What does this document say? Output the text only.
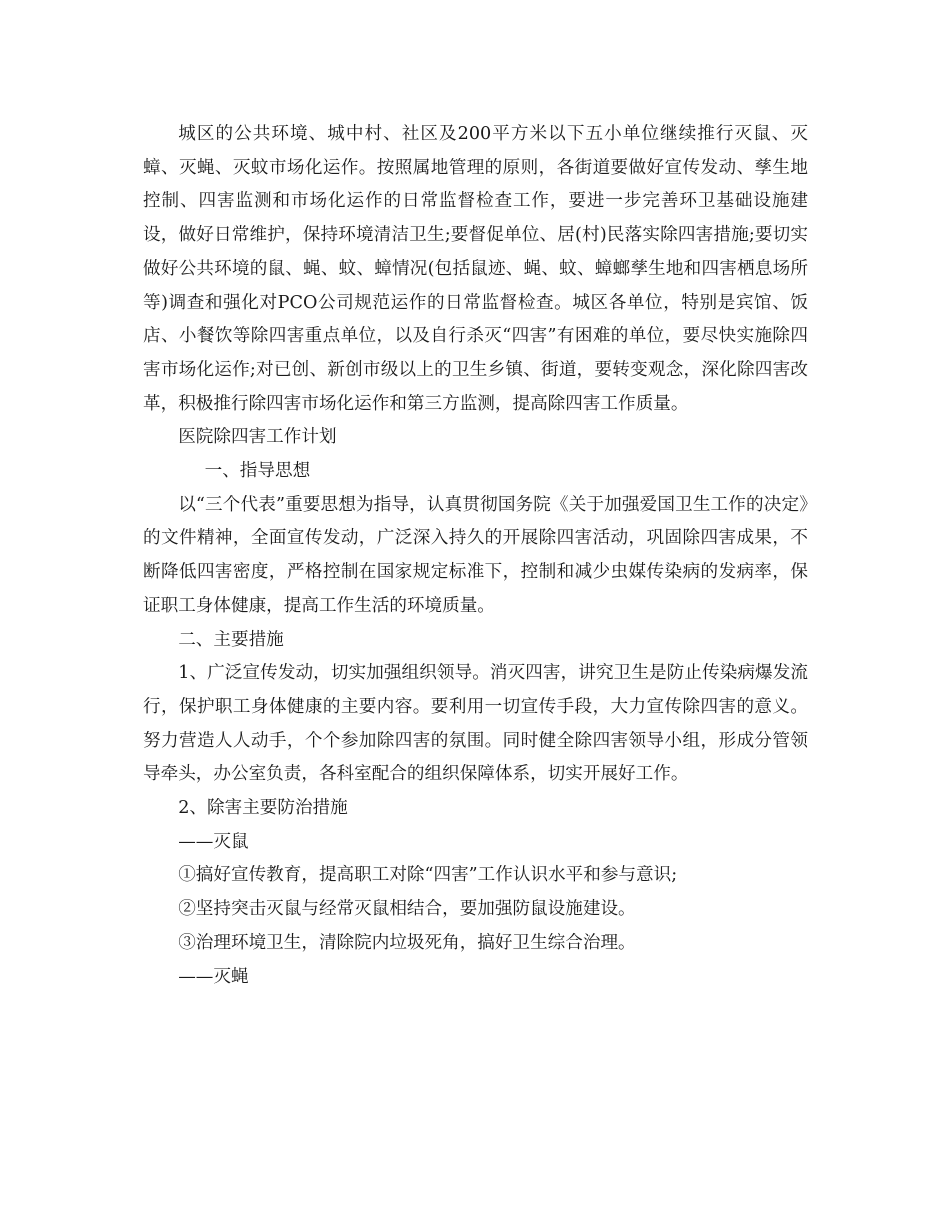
城区的公共环境、城中村、社区及200平方米以下五小单位继续推行灭鼠、灭蟑、灭蝇、灭蚊市场化运作。按照属地管理的原则，各街道要做好宣传发动、孳生地控制、四害监测和市场化运作的日常监督检查工作，要进一步完善环卫基础设施建设，做好日常维护，保持环境清洁卫生;要督促单位、居(村)民落实除四害措施;要切实做好公共环境的鼠、蝇、蚊、蟑情况(包括鼠迹、蝇、蚊、蟑螂孳生地和四害栖息场所等)调查和强化对PCO公司规范运作的日常监督检查。城区各单位，特别是宾馆、饭店、小餐饮等除四害重点单位，以及自行杀灭“四害”有困难的单位，要尽快实施除四害市场化运作;对已创、新创市级以上的卫生乡镇、街道，要转变观念，深化除四害改革，积极推行除四害市场化运作和第三方监测，提高除四害工作质量。

医院除四害工作计划

一、指导思想

以“三个代表”重要思想为指导，认真贯彻国务院《关于加强爱国卫生工作的决定》的文件精神，全面宣传发动，广泛深入持久的开展除四害活动，巩固除四害成果，不断降低四害密度，严格控制在国家规定标准下，控制和减少虫媒传染病的发病率，保证职工身体健康，提高工作生活的环境质量。

二、主要措施

1、广泛宣传发动，切实加强组织领导。消灭四害，讲究卫生是防止传染病爆发流行，保护职工身体健康的主要内容。要利用一切宣传手段，大力宣传除四害的意义。努力营造人人动手，个个参加除四害的氛围。同时健全除四害领导小组，形成分管领导牵头，办公室负责，各科室配合的组织保障体系，切实开展好工作。

2、除害主要防治措施

——灭鼠

①搞好宣传教育，提高职工对除“四害”工作认识水平和参与意识;

②坚持突击灭鼠与经常灭鼠相结合，要加强防鼠设施建设。

③治理环境卫生，清除院内垃圾死角，搞好卫生综合治理。

——灭蝇
